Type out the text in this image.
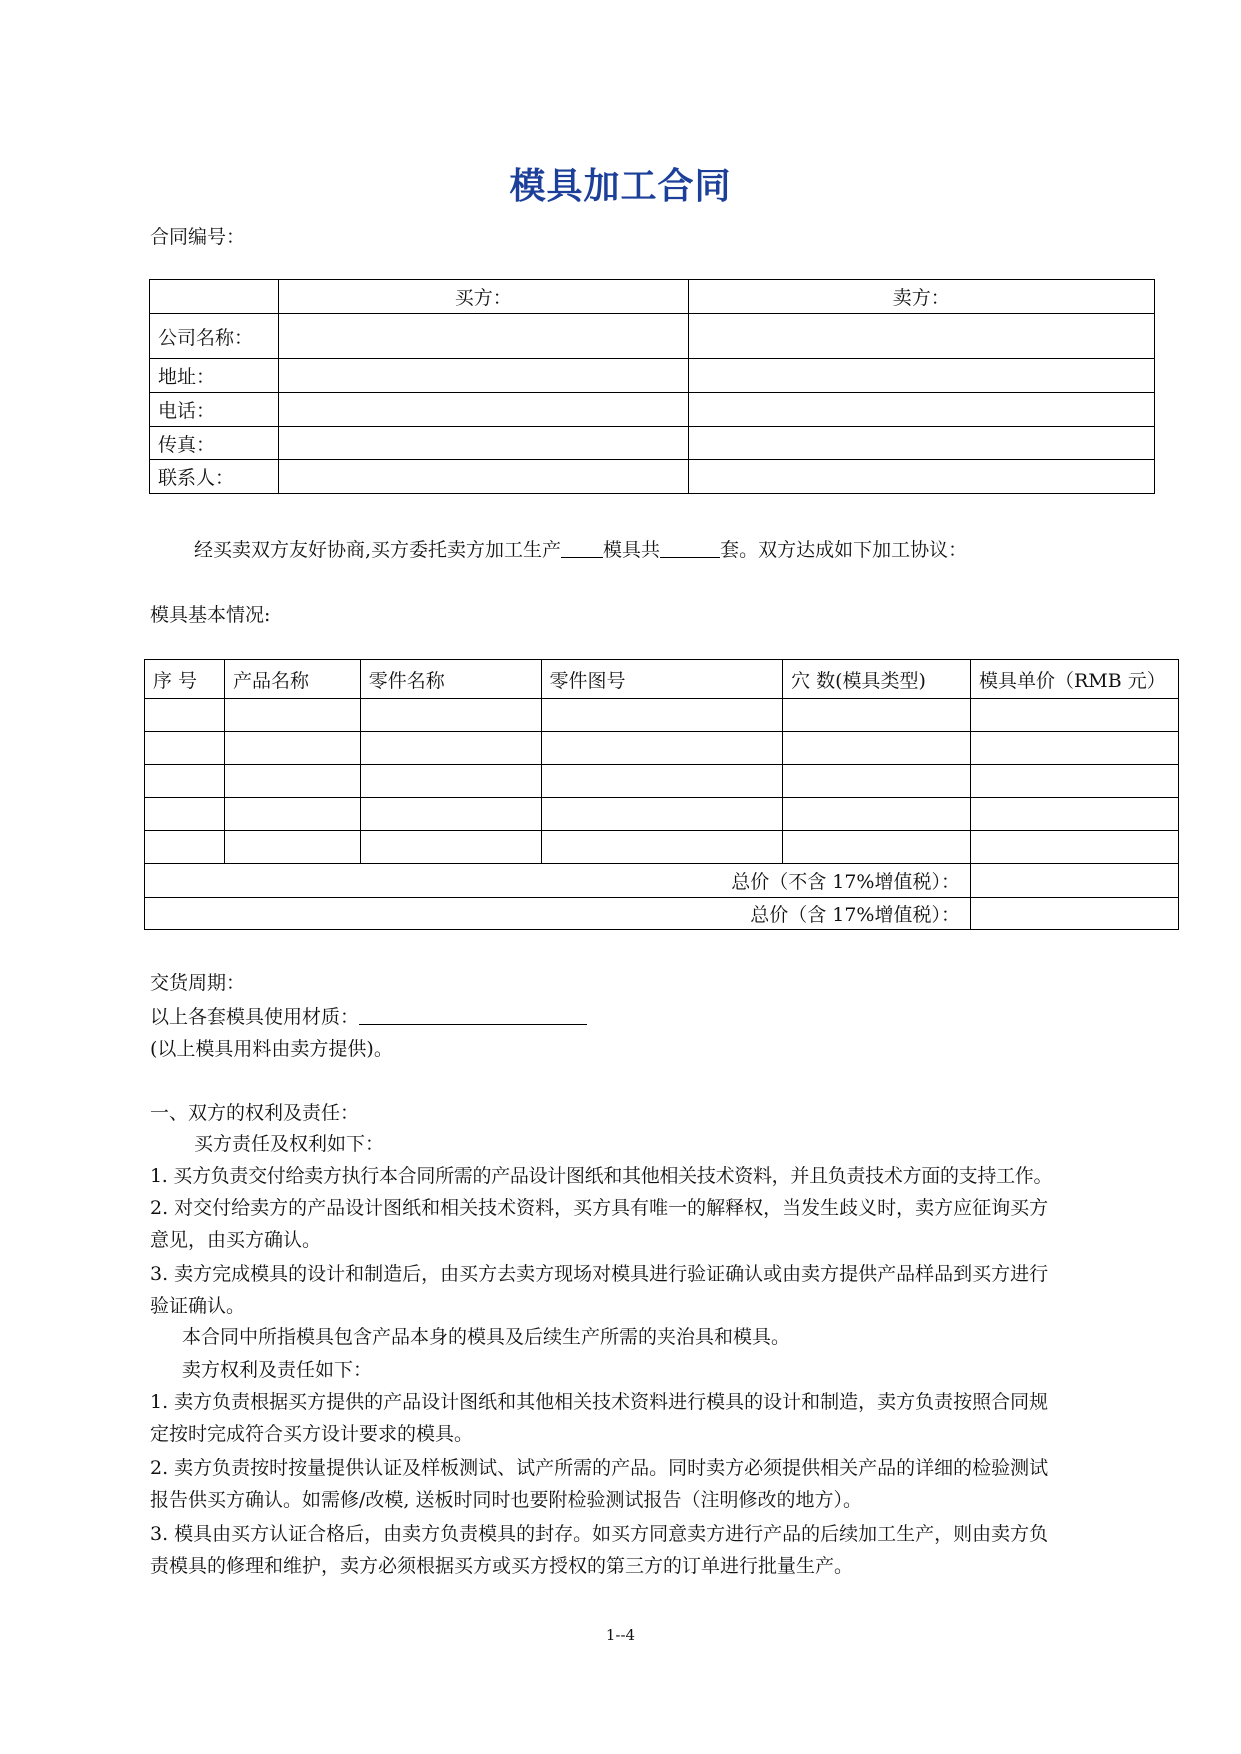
模具加工合同
合同编号：
	买方：	卖方：
公司名称：		
地址：		
电话：		
传真：		
联系人：		
经买卖双方友好协商,买方委托卖方加工生产 模具共	套。双方达成如下加工协议：
模具基本情况:
序 号	产品名称	零件名称	零件图号	穴 数(模具类型)	模具单价（RMB 元）

总价（不含 17%增值税）：					
总价（含 17%增值税）：					
交货周期：
以上各套模具使用材质：
(以上模具用料由卖方提供)。
一、双方的权利及责任：
买方责任及权利如下：
1. 买方负责交付给卖方执行本合同所需的产品设计图纸和其他相关技术资料，并且负责技术方面的支持工作。
2. 对交付给卖方的产品设计图纸和相关技术资料，买方具有唯一的解释权，当发生歧义时，卖方应征询买方
意见，由买方确认。
3. 卖方完成模具的设计和制造后，由买方去卖方现场对模具进行验证确认或由卖方提供产品样品到买方进行
验证确认。
本合同中所指模具包含产品本身的模具及后续生产所需的夹治具和模具。
卖方权利及责任如下：
1. 卖方负责根据买方提供的产品设计图纸和其他相关技术资料进行模具的设计和制造，卖方负责按照合同规
定按时完成符合买方设计要求的模具。
2. 卖方负责按时按量提供认证及样板测试、试产所需的产品。同时卖方必须提供相关产品的详细的检验测试
报告供买方确认。如需修/改模, 送板时同时也要附检验测试报告（注明修改的地方）。
3. 模具由买方认证合格后，由卖方负责模具的封存。如买方同意卖方进行产品的后续加工生产，则由卖方负
责模具的修理和维护，卖方必须根据买方或买方授权的第三方的订单进行批量生产。
1--4
